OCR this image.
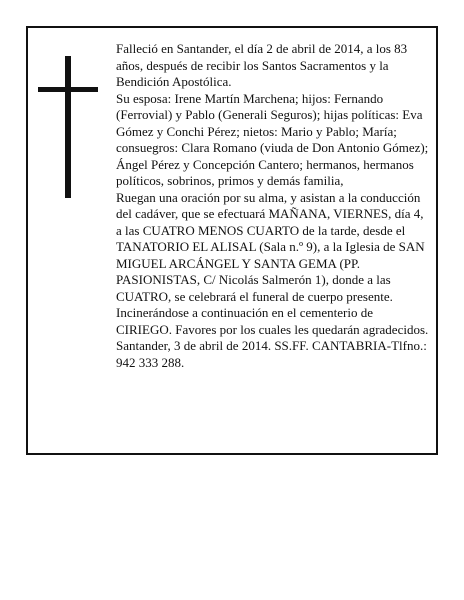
Falleció en Santander, el día 2 de abril de 2014, a los 83 años, después de recibir los Santos Sacramentos y la Bendición Apostólica.

Su esposa: Irene Martín Marchena; hijos: Fernando (Ferrovial) y Pablo (Generali Seguros); hijas políticas: Eva Gómez y Conchi Pérez; nietos: Mario y Pablo; María; consuegros: Clara Romano (viuda de Don Antonio Gómez); Ángel Pérez y Concepción Cantero; hermanos, hermanos políticos, sobrinos, primos y demás familia,

Ruegan una oración por su alma, y asistan a la conducción del cadáver, que se efectuará MAÑANA, VIERNES, día 4, a las CUATRO MENOS CUARTO de la tarde, desde el TANATORIO EL ALISAL (Sala n.º 9), a la Iglesia de SAN MIGUEL ARCÁNGEL Y SANTA GEMA (PP. PASIONISTAS, C/ Nicolás Salmerón 1), donde a las CUATRO, se celebrará el funeral de cuerpo presente. Incinerándose a continuación en el cementerio de CIRIEGO. Favores por los cuales les quedarán agradecidos.

Santander, 3 de abril de 2014. SS.FF. CANTABRIA-Tlfno.: 942 333 288.
